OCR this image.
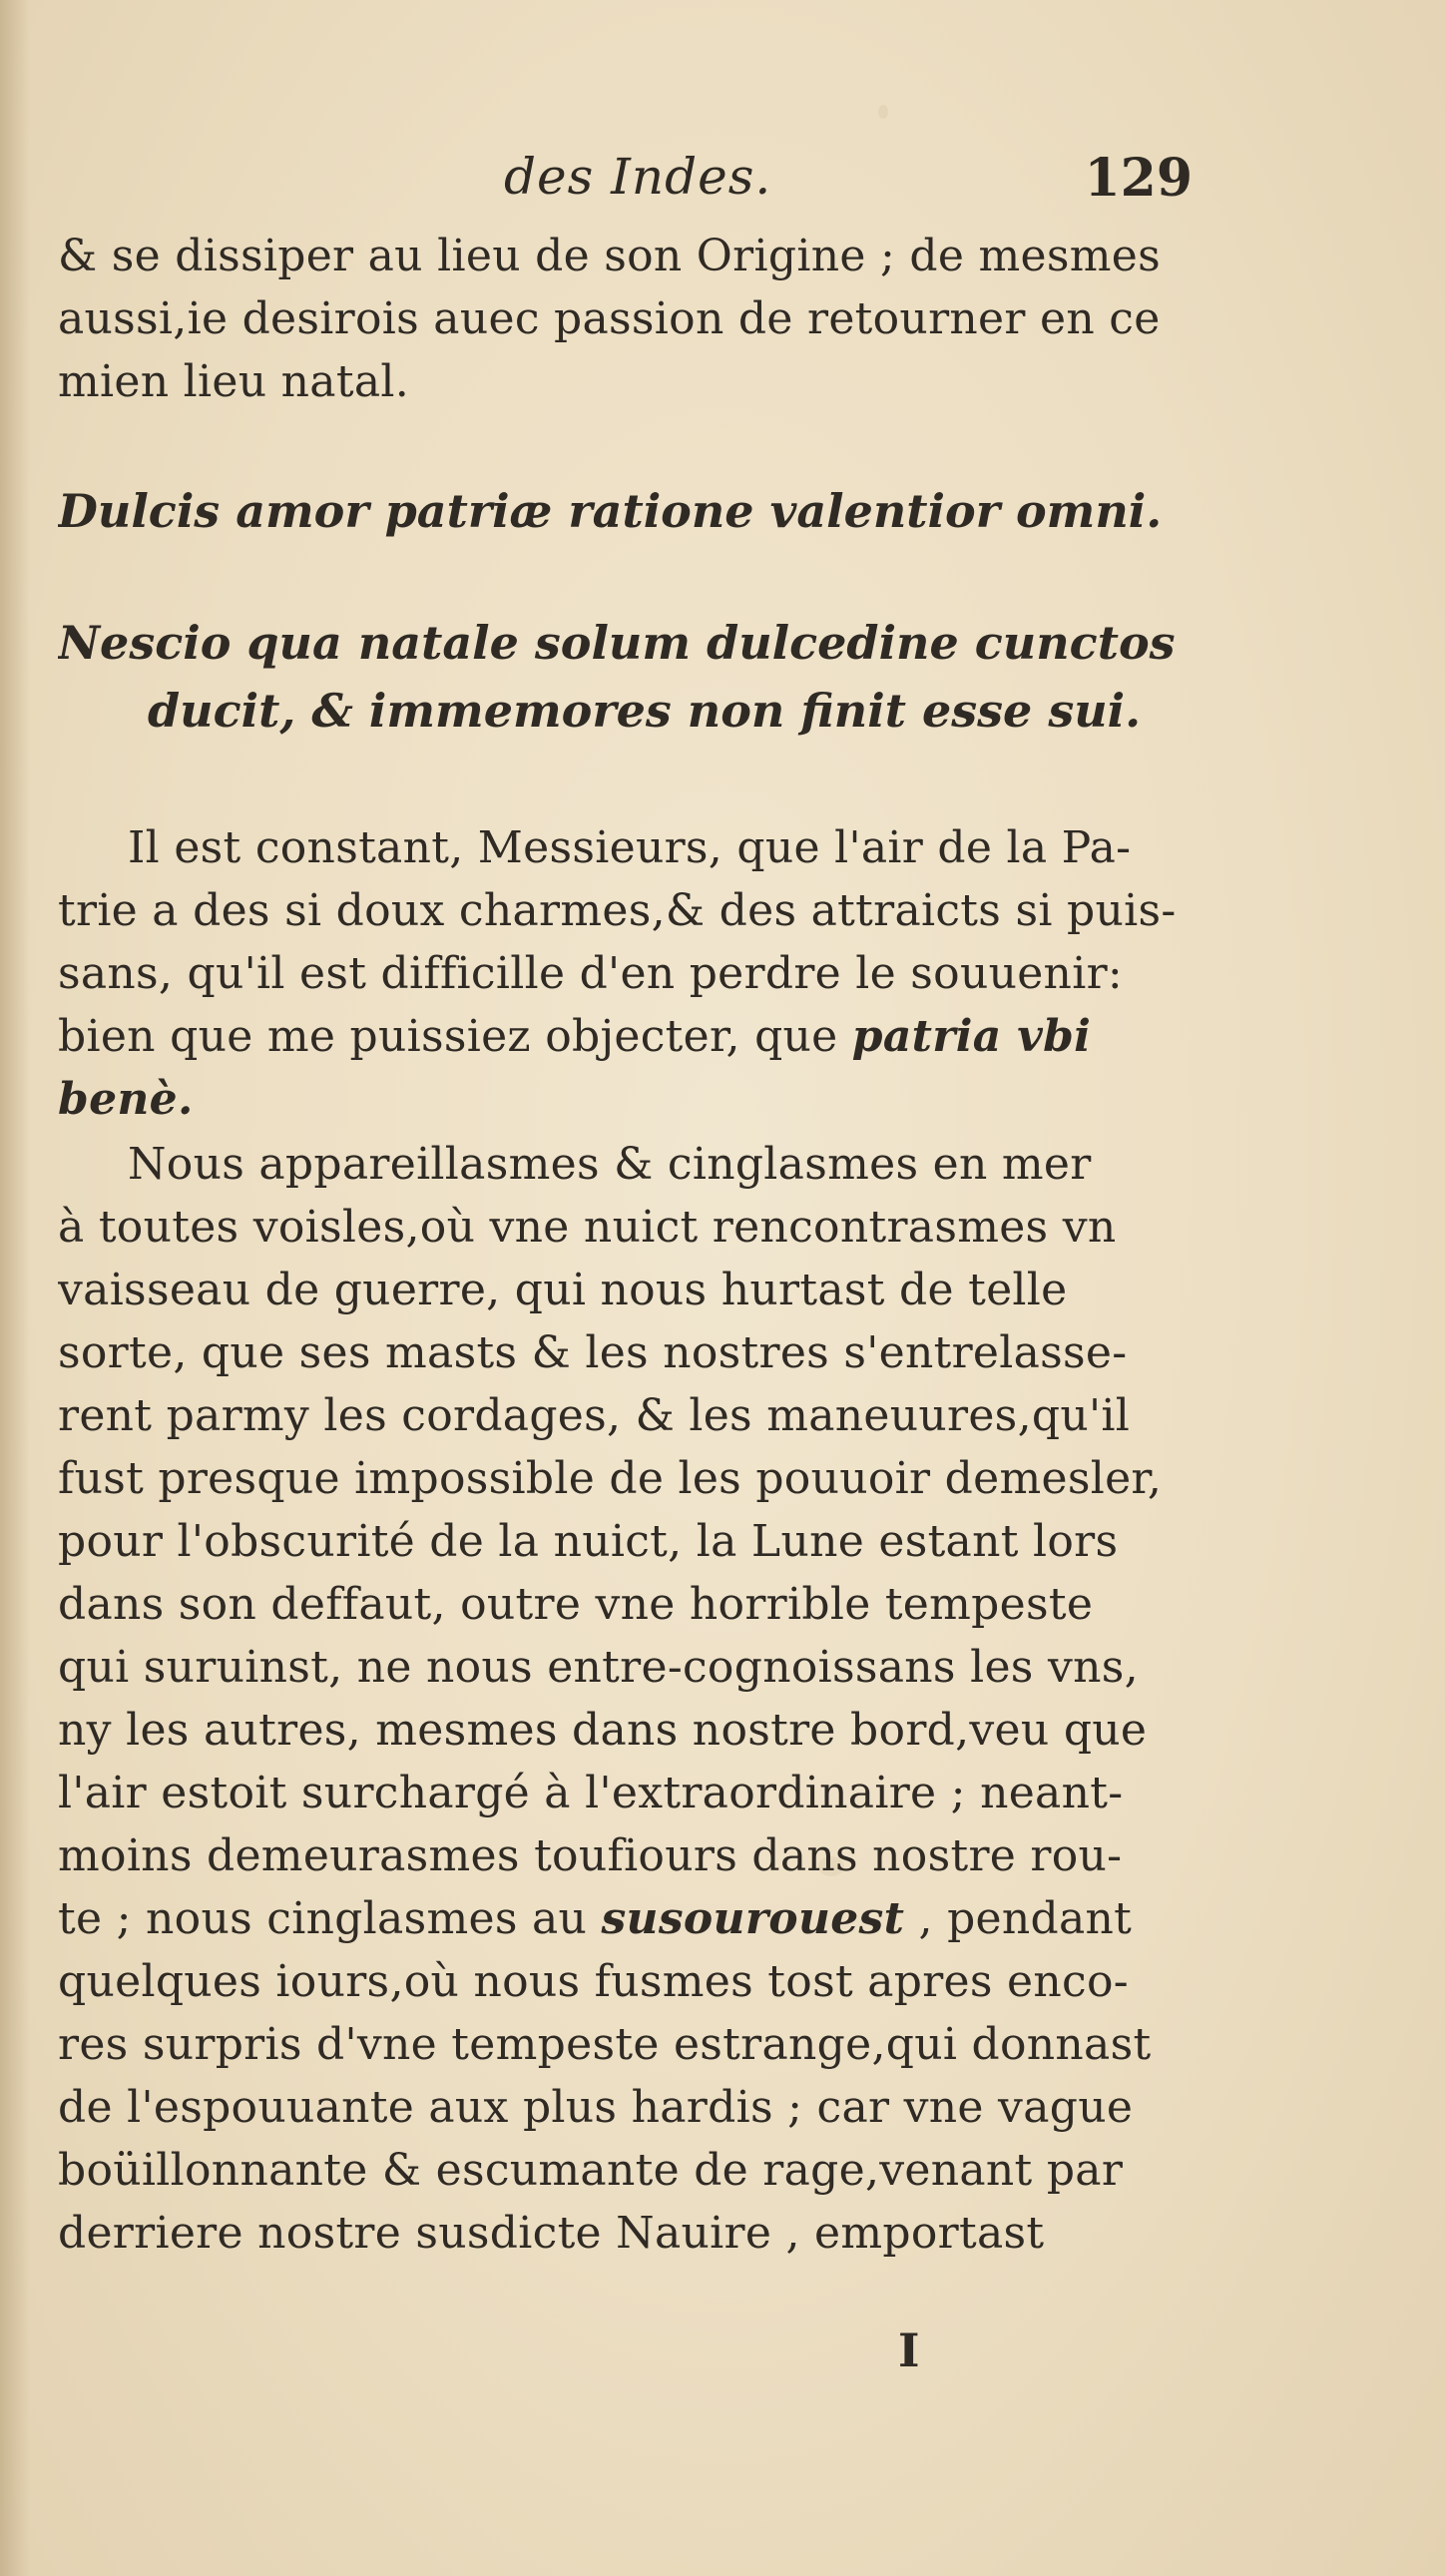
des Indes.	129
& se dissiper au lieu de son Origine ; de mesmes
aussi,ie desirois auec passion de retourner en ce
mien lieu natal.
Dulcis amor patriæ ratione valentior omni.
Nescio qua natale solum dulcedine cunctos
ducit, & immemores non finit esse sui.
Il est constant, Messieurs, que l'air de la Pa-
trie a des si doux charmes,& des attraicts si puis-
sans, qu'il est difficille d'en perdre le souuenir:
bien que me puissiez objecter, que patria vbi
benè.
Nous appareillasmes & cinglasmes en mer
à toutes voisles,où vne nuict rencontrasmes vn
vaisseau de guerre, qui nous hurtast de telle
sorte, que ses masts & les nostres s'entrelasse-
rent parmy les cordages, & les maneuures,qu'il
fust presque impossible de les pouuoir demesler,
pour l'obscurité de la nuict, la Lune estant lors
dans son deffaut, outre vne horrible tempeste
qui suruinst, ne nous entre-cognoissans les vns,
ny les autres, mesmes dans nostre bord,veu que
l'air estoit surchargé à l'extraordinaire ; neant-
moins demeurasmes toufiours dans nostre rou-
te ; nous cinglasmes au susourouest , pendant
quelques iours,où nous fusmes tost apres enco-
res surpris d'vne tempeste estrange,qui donnast
de l'espouuante aux plus hardis ; car vne vague
boüillonnante & escumante de rage,venant par
derriere nostre susdicte Nauire , emportast
I
